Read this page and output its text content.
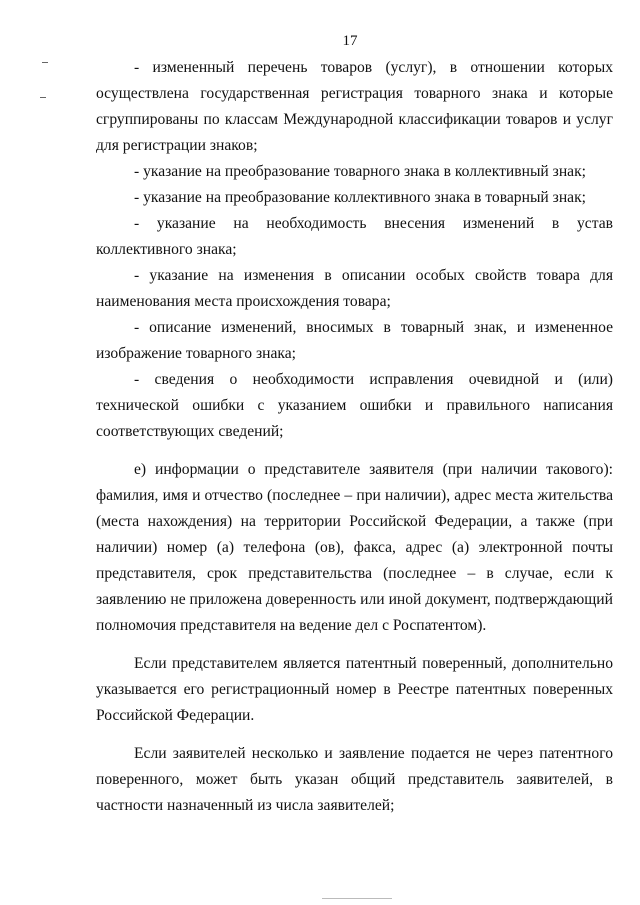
17

- измененный перечень товаров (услуг), в отношении которых осуществлена государственная регистрация товарного знака и которые сгруппированы по классам Международной классификации товаров и услуг для регистрации знаков;

- указание на преобразование товарного знака в коллективный знак;

- указание на преобразование коллективного знака в товарный знак;

- указание на необходимость внесения изменений в устав коллективного знака;

- указание на изменения в описании особых свойств товара для наименования места происхождения товара;

- описание изменений, вносимых в товарный знак, и измененное изображение товарного знака;

- сведения о необходимости исправления очевидной и (или) технической ошибки с указанием ошибки и правильного написания соответствующих сведений;

е) информации о представителе заявителя (при наличии такового): фамилия, имя и отчество (последнее – при наличии), адрес места жительства (места нахождения) на территории Российской Федерации, а также (при наличии) номер (а) телефона (ов), факса, адрес (а) электронной почты представителя, срок представительства (последнее – в случае, если к заявлению не приложена доверенность или иной документ, подтверждающий полномочия представителя на ведение дел с Роспатентом).

Если представителем является патентный поверенный, дополнительно указывается его регистрационный номер в Реестре патентных поверенных Российской Федерации.

Если заявителей несколько и заявление подается не через патентного поверенного, может быть указан общий представитель заявителей, в частности назначенный из числа заявителей;
